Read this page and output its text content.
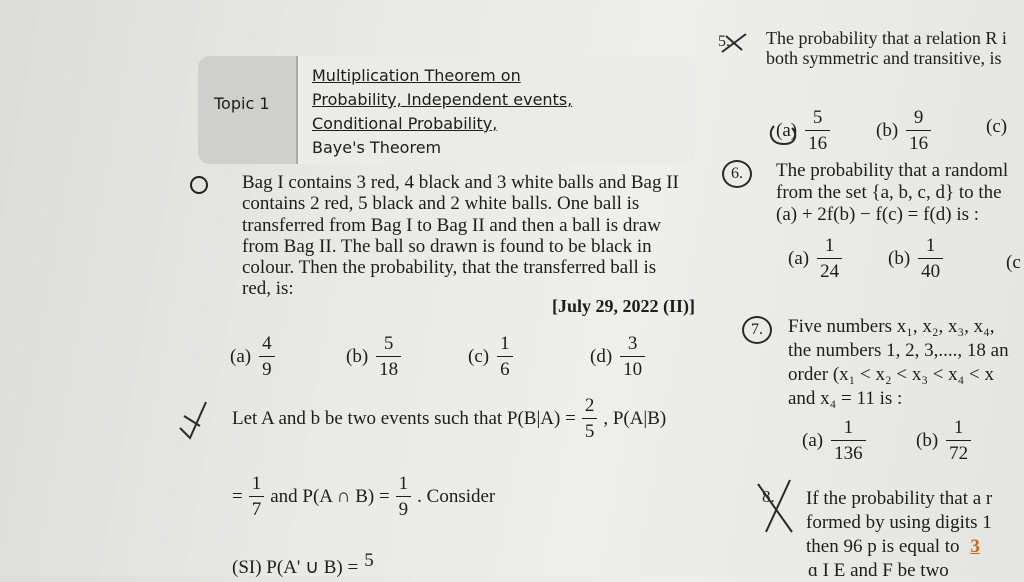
Topic 1
Multiplication Theorem on
Probability, Independent events,
Conditional Probability,
Baye's Theorem
Bag I contains 3 red, 4 black and 3 white balls and Bag II
contains 2 red, 5 black and 2 white balls. One ball is
transferred from Bag I to Bag II and then a ball is draw
from Bag II. The ball so drawn is found to be black in
colour. Then the probability, that the transferred ball is
red, is:
[July 29, 2022 (II)]
$(a) \frac{4}{9}$	$(b) \frac{5}{18}$	$(c) \frac{1}{6}$	$(d) \frac{3}{10}$
Let A and b be two events such that $P(B|A) = \frac{2}{5}$ , P(A|B)
= $\frac{1}{7}$ and P(A ∩ $B) = \frac{1}{9}$ . Consider
(SI) P(A' ∪ B) = 5
5. The probability that a relation R i
both symmetric and transitive, is
$(a) \frac{5}{16} (b) \frac{9}{16}$	(c)
6.	The probability that a randoml
from the set {a, b, c, d} to the
(a) + 2f(b) − f(c) = f(d) is :
$(a) \frac{1}{24} (b) \frac{1}{40}$	(c
7.	Five numbers x₁, x₂, x₃, x₄,
the numbers 1, 2, 3,...., 18 an
order (x₁ < x₂ < x₃ < x₄ < x
and x₄ = 11 is :
$(a) \frac{1}{136}$	$(b) \frac{1}{72}$
8. If the probability that a r
formed by using digits 1
then 96 p is equal to 3
ɑ I E and F be two
